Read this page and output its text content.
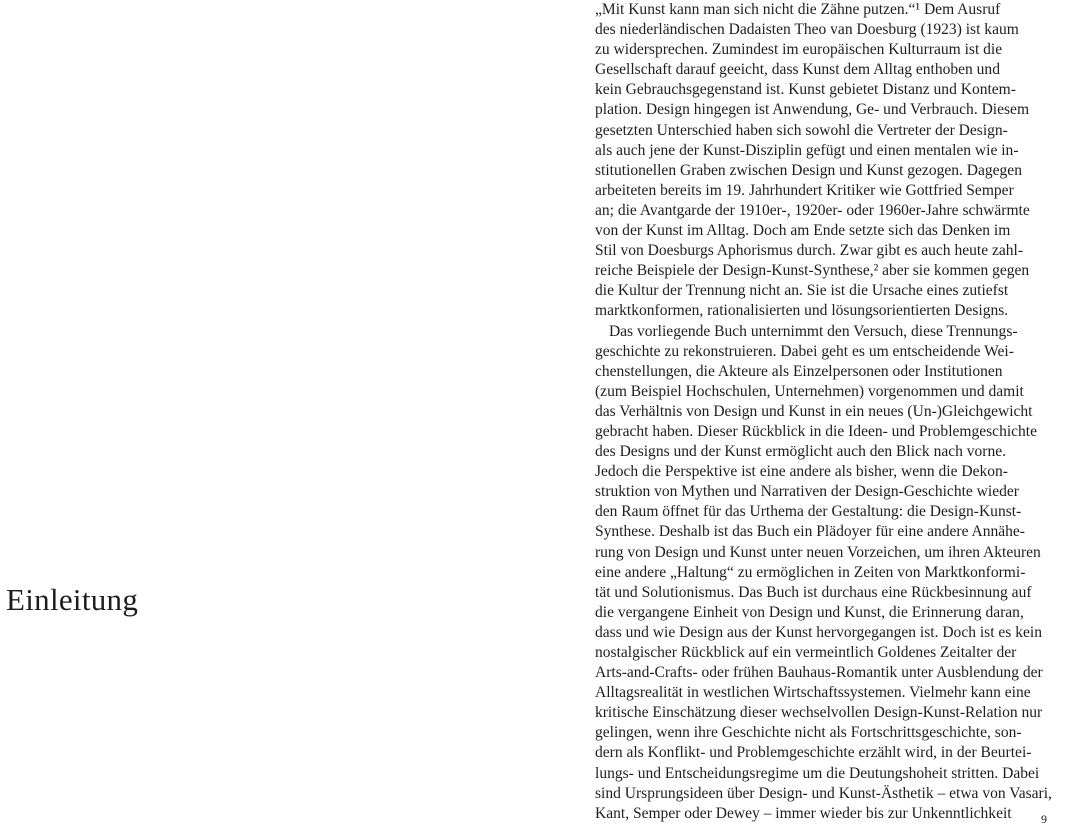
Einleitung
„Mit Kunst kann man sich nicht die Zähne putzen.“¹ Dem Ausruf
des niederländischen Dadaisten Theo van Doesburg (1923) ist kaum
zu widersprechen. Zumindest im europäischen Kulturraum ist die
Gesellschaft darauf geeicht, dass Kunst dem Alltag enthoben und
kein Gebrauchsgegenstand ist. Kunst gebietet Distanz und Kontem-
plation. Design hingegen ist Anwendung, Ge- und Verbrauch. Diesem
gesetzten Unterschied haben sich sowohl die Vertreter der Design-
als auch jene der Kunst-Disziplin gefügt und einen mentalen wie in-
stitutionellen Graben zwischen Design und Kunst gezogen. Dagegen
arbeiteten bereits im 19. Jahrhundert Kritiker wie Gottfried Semper
an; die Avantgarde der 1910er-, 1920er- oder 1960er-Jahre schwärmte
von der Kunst im Alltag. Doch am Ende setzte sich das Denken im
Stil von Doesburgs Aphorismus durch. Zwar gibt es auch heute zahl-
reiche Beispiele der Design-Kunst-Synthese,² aber sie kommen gegen
die Kultur der Trennung nicht an. Sie ist die Ursache eines zutiefst
marktkonformen, rationalisierten und lösungsorientierten Designs.
Das vorliegende Buch unternimmt den Versuch, diese Trennungs-
geschichte zu rekonstruieren. Dabei geht es um entscheidende Wei-
chenstellungen, die Akteure als Einzelpersonen oder Institutionen
(zum Beispiel Hochschulen, Unternehmen) vorgenommen und damit
das Verhältnis von Design und Kunst in ein neues (Un-)Gleichgewicht
gebracht haben. Dieser Rückblick in die Ideen- und Problemgeschichte
des Designs und der Kunst ermöglicht auch den Blick nach vorne.
Jedoch die Perspektive ist eine andere als bisher, wenn die Dekon-
struktion von Mythen und Narrativen der Design-Geschichte wieder
den Raum öffnet für das Urthema der Gestaltung: die Design-Kunst-
Synthese. Deshalb ist das Buch ein Plädoyer für eine andere Annähe-
rung von Design und Kunst unter neuen Vorzeichen, um ihren Akteuren
eine andere „Haltung“ zu ermöglichen in Zeiten von Marktkonformi-
tät und Solutionismus. Das Buch ist durchaus eine Rückbesinnung auf
die vergangene Einheit von Design und Kunst, die Erinnerung daran,
dass und wie Design aus der Kunst hervorgegangen ist. Doch ist es kein
nostalgischer Rückblick auf ein vermeintlich Goldenes Zeitalter der
Arts-and-Crafts- oder frühen Bauhaus-Romantik unter Ausblendung der
Alltagsrealität in westlichen Wirtschaftssystemen. Vielmehr kann eine
kritische Einschätzung dieser wechselvollen Design-Kunst-Relation nur
gelingen, wenn ihre Geschichte nicht als Fortschrittsgeschichte, son-
dern als Konflikt- und Problemgeschichte erzählt wird, in der Beurtei-
lungs- und Entscheidungsregime um die Deutungshoheit stritten. Dabei
sind Ursprungsideen über Design- und Kunst-Ästhetik – etwa von Vasari,
Kant, Semper oder Dewey – immer wieder bis zur Unkenntlichkeit	9
